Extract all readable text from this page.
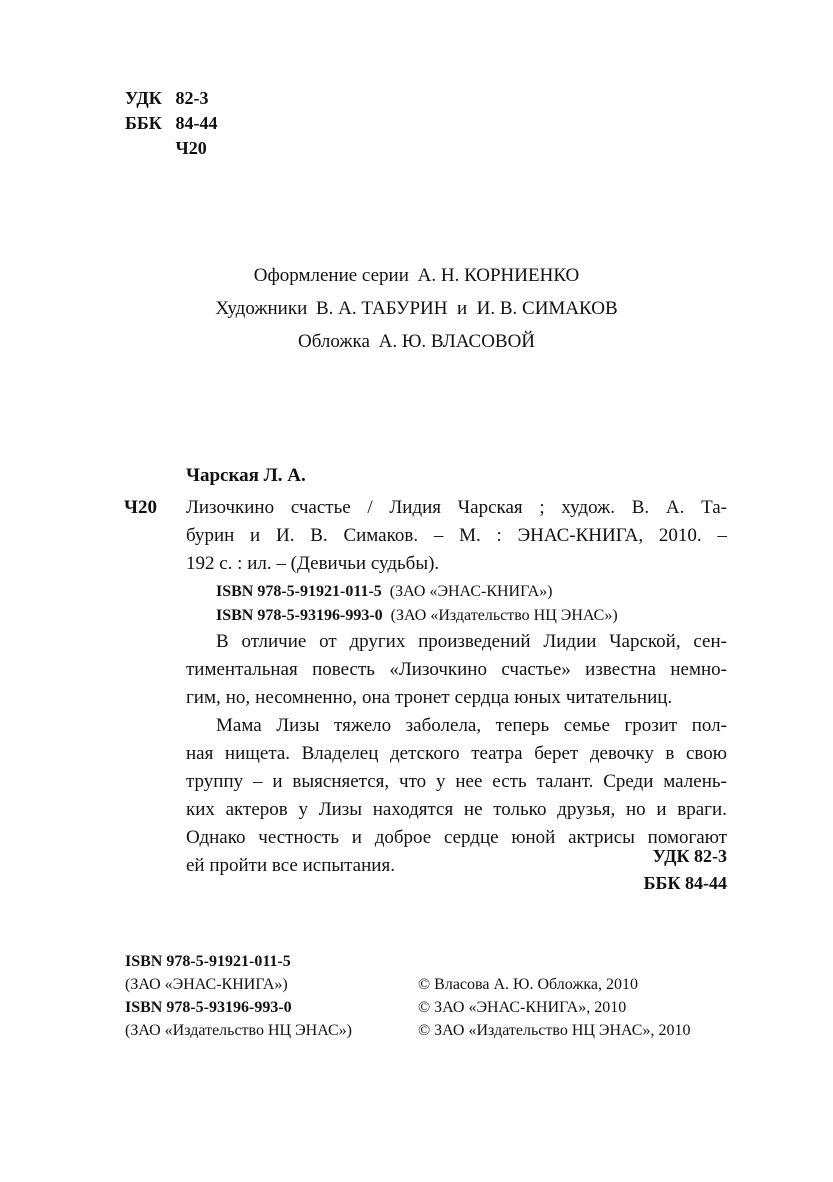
УДК 82-3
ББК 84-44
Ч20
Оформление серии А. Н. КОРНИЕНКО
Художники В. А. ТАБУРИН  и  И. В. СИМАКОВ
Обложка А. Ю. ВЛАСОВОЙ
Чарская Л. А.
Ч20 Лизочкино счастье / Лидия Чарская ; худож. В. А. Та-
бурин и И. В. Симаков. – М. : ЭНАС-КНИГА, 2010. –
192 с. : ил. – (Девичьи судьбы).
ISBN 978-5-91921-011-5 (ЗАО «ЭНАС-КНИГА»)
ISBN 978-5-93196-993-0 (ЗАО «Издательство НЦ ЭНАС»)
В отличие от других произведений Лидии Чарской, сен-
тиментальная повесть «Лизочкино счастье» известна немно-
гим, но, несомненно, она тронет сердца юных читательниц.
Мама Лизы тяжело заболела, теперь семье грозит пол-
ная нищета. Владелец детского театра берет девочку в свою
труппу – и выясняется, что у нее есть талант. Среди малень-
ких актеров у Лизы находятся не только друзья, но и враги.
Однако честность и доброе сердце юной актрисы помогают
ей пройти все испытания.	УДК 82-3
ББК 84-44
ISBN 978-5-91921-011-5
(ЗАО «ЭНАС-КНИГА»)
ISBN 978-5-93196-993-0
(ЗАО «Издательство НЦ ЭНАС»)
© Власова А. Ю. Обложка, 2010
© ЗАО «ЭНАС-КНИГА», 2010
© ЗАО «Издательство НЦ ЭНАС», 2010
